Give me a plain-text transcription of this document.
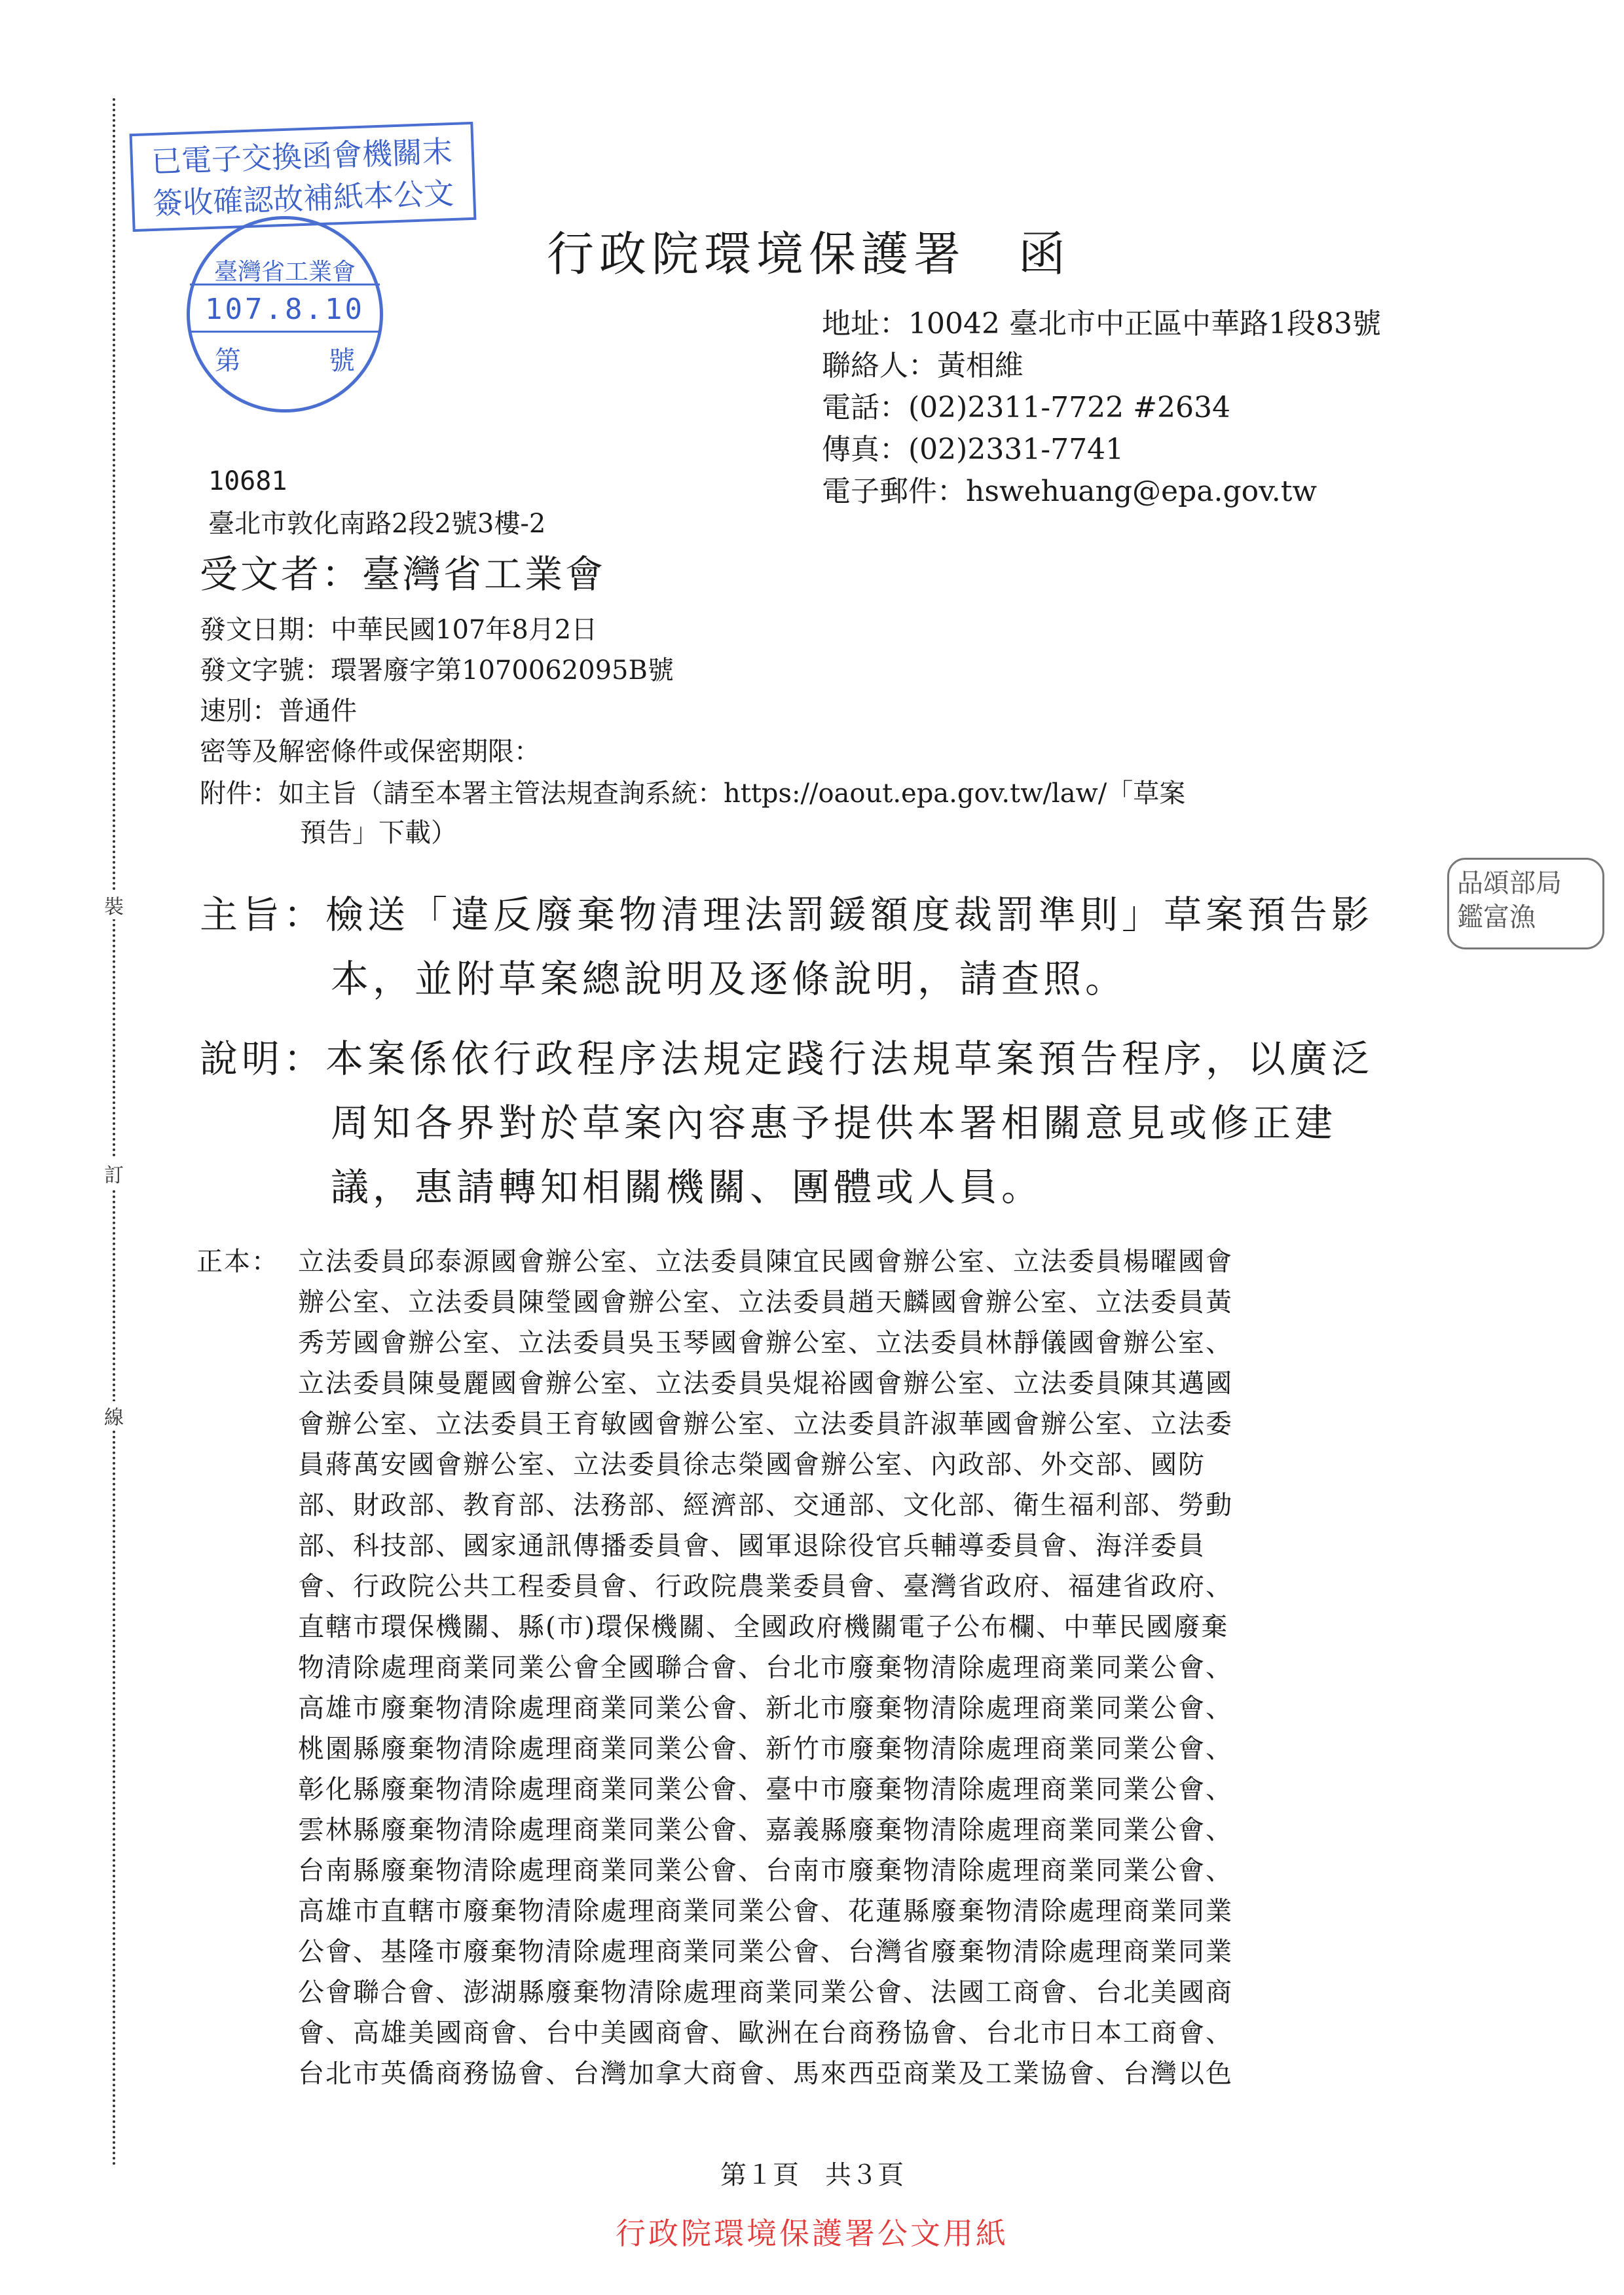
裝
訂
線
已電子交換函會機關末
簽收確認故補紙本公文
臺灣省工業會
107.8.10
第	號
品頌部局
鑑富漁
行政院環境保護署　函
地址：10042 臺北市中正區中華路1段83號
聯絡人：黃相維
電話：(02)2311-7722 #2634
傳真：(02)2331-7741
電子郵件：hswehuang@epa.gov.tw
10681
臺北市敦化南路2段2號3樓-2
受文者：臺灣省工業會
發文日期：中華民國107年8月2日
發文字號：環署廢字第1070062095B號
速別：普通件
密等及解密條件或保密期限：
附件：如主旨（請至本署主管法規查詢系統：https://oaout.epa.gov.tw/law/「草案
預告」下載）
主旨：檢送「違反廢棄物清理法罰鍰額度裁罰準則」草案預告影
本，並附草案總說明及逐條說明，請查照。
說明：本案係依行政程序法規定踐行法規草案預告程序，以廣泛
周知各界對於草案內容惠予提供本署相關意見或修正建
議，惠請轉知相關機關、團體或人員。
正本： 立法委員邱泰源國會辦公室、立法委員陳宜民國會辦公室、立法委員楊曜國會
辦公室、立法委員陳瑩國會辦公室、立法委員趙天麟國會辦公室、立法委員黃
秀芳國會辦公室、立法委員吳玉琴國會辦公室、立法委員林靜儀國會辦公室、
立法委員陳曼麗國會辦公室、立法委員吳焜裕國會辦公室、立法委員陳其邁國
會辦公室、立法委員王育敏國會辦公室、立法委員許淑華國會辦公室、立法委
員蔣萬安國會辦公室、立法委員徐志榮國會辦公室、內政部、外交部、國防
部、財政部、教育部、法務部、經濟部、交通部、文化部、衛生福利部、勞動
部、科技部、國家通訊傳播委員會、國軍退除役官兵輔導委員會、海洋委員
會、行政院公共工程委員會、行政院農業委員會、臺灣省政府、福建省政府、
直轄市環保機關、縣(市)環保機關、全國政府機關電子公布欄、中華民國廢棄
物清除處理商業同業公會全國聯合會、台北市廢棄物清除處理商業同業公會、
高雄市廢棄物清除處理商業同業公會、新北市廢棄物清除處理商業同業公會、
桃園縣廢棄物清除處理商業同業公會、新竹市廢棄物清除處理商業同業公會、
彰化縣廢棄物清除處理商業同業公會、臺中市廢棄物清除處理商業同業公會、
雲林縣廢棄物清除處理商業同業公會、嘉義縣廢棄物清除處理商業同業公會、
台南縣廢棄物清除處理商業同業公會、台南市廢棄物清除處理商業同業公會、
高雄市直轄市廢棄物清除處理商業同業公會、花蓮縣廢棄物清除處理商業同業
公會、基隆市廢棄物清除處理商業同業公會、台灣省廢棄物清除處理商業同業
公會聯合會、澎湖縣廢棄物清除處理商業同業公會、法國工商會、台北美國商
會、高雄美國商會、台中美國商會、歐洲在台商務協會、台北市日本工商會、
台北市英僑商務協會、台灣加拿大商會、馬來西亞商業及工業協會、台灣以色
第１頁　共３頁
行政院環境保護署公文用紙
